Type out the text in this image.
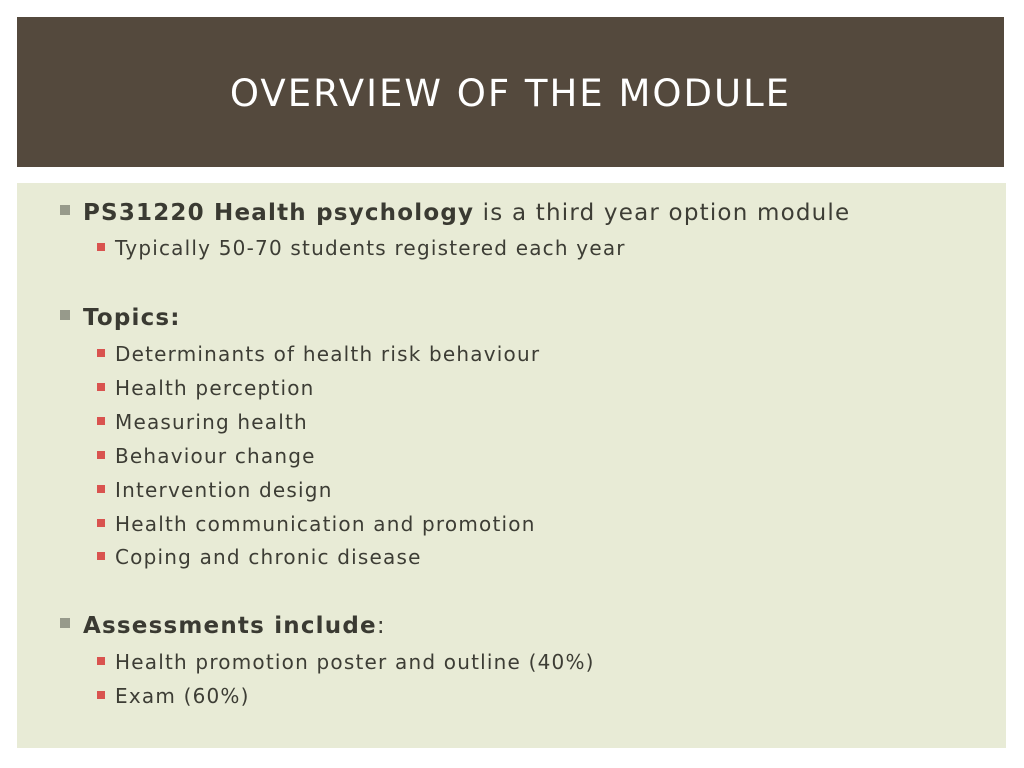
OVERVIEW OF THE MODULE
PS31220 Health psychology is a third year option module
Typically 50-70 students registered each year
Topics:
Determinants of health risk behaviour
Health perception
Measuring health
Behaviour change
Intervention design
Health communication and promotion
Coping and chronic disease
Assessments include :
Health promotion poster and outline (40%)
Exam (60%)
